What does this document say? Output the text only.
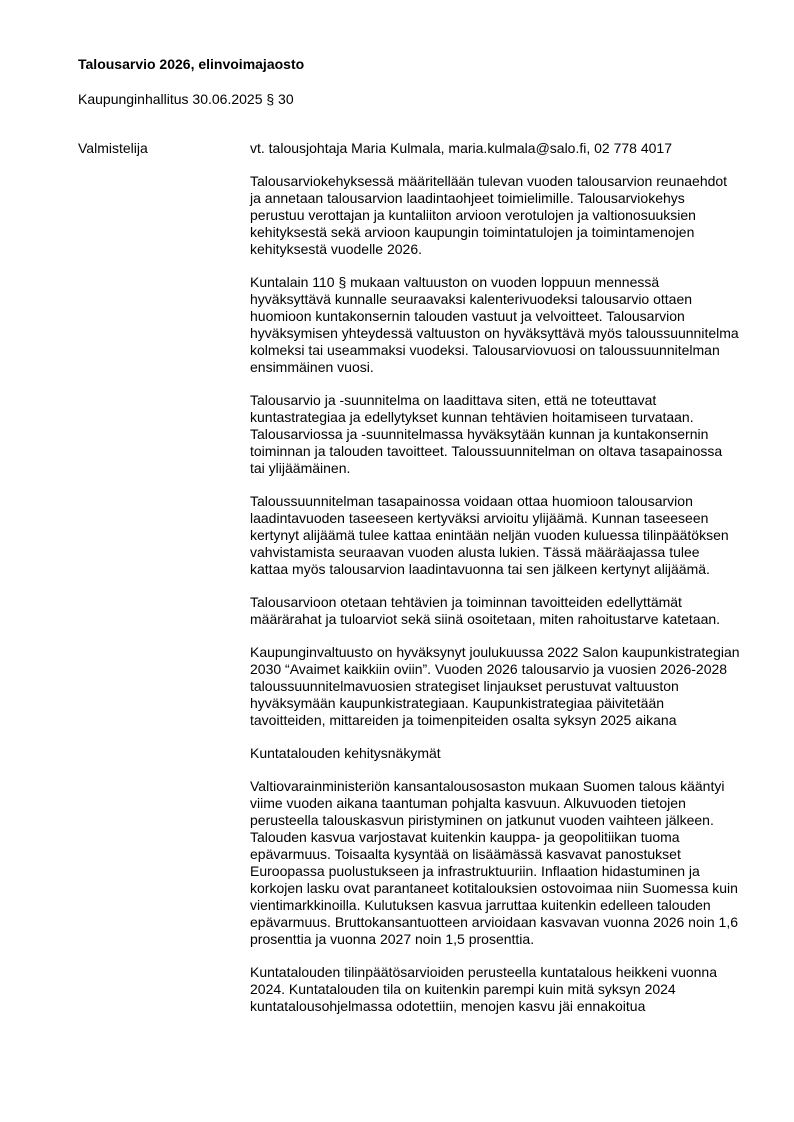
Talousarvio 2026, elinvoimajaosto

Kaupunginhallitus 30.06.2025 § 30

Valmistelija	vt. talousjohtaja Maria Kulmala, maria.kulmala@salo.fi, 02 778 4017

Talousarviokehyksessä määritellään tulevan vuoden talousarvion reunaehdot ja annetaan talousarvion laadintaohjeet toimielimille. Talousarviokehys perustuu verottajan ja kuntaliiton arvioon verotulojen ja valtionosuuksien kehityksestä sekä arvioon kaupungin toimintatulojen ja toimintamenojen kehityksestä vuodelle 2026.

Kuntalain 110 § mukaan valtuuston on vuoden loppuun mennessä hyväksyttävä kunnalle seuraavaksi kalenterivuodeksi talousarvio ottaen huomioon kuntakonsernin talouden vastuut ja velvoitteet. Talousarvion hyväksymisen yhteydessä valtuuston on hyväksyttävä myös taloussuunnitelma kolmeksi tai useammaksi vuodeksi. Talousarviovuosi on taloussuunnitelman ensimmäinen vuosi.

Talousarvio ja -suunnitelma on laadittava siten, että ne toteuttavat kuntastrategiaa ja edellytykset kunnan tehtävien hoitamiseen turvataan. Talousarviossa ja -suunnitelmassa hyväksytään kunnan ja kuntakonsernin toiminnan ja talouden tavoitteet. Taloussuunnitelman on oltava tasapainossa tai ylijäämäinen.

Taloussuunnitelman tasapainossa voidaan ottaa huomioon talousarvion laadintavuoden taseeseen kertyväksi arvioitu ylijäämä. Kunnan taseeseen kertynyt alijäämä tulee kattaa enintään neljän vuoden kuluessa tilinpäätöksen vahvistamista seuraavan vuoden alusta lukien. Tässä määräajassa tulee kattaa myös talousarvion laadintavuonna tai sen jälkeen kertynyt alijäämä.

Talousarvioon otetaan tehtävien ja toiminnan tavoitteiden edellyttämät määrärahat ja tuloarviot sekä siinä osoitetaan, miten rahoitustarve katetaan.

Kaupunginvaltuusto on hyväksynyt joulukuussa 2022 Salon kaupunkistrategian 2030 “Avaimet kaikkiin oviin”. Vuoden 2026 talousarvio ja vuosien 2026-2028 taloussuunnitelmavuosien strategiset linjaukset perustuvat valtuuston hyväksymään kaupunkistrategiaan. Kaupunkistrategiaa päivitetään tavoitteiden, mittareiden ja toimenpiteiden osalta syksyn 2025 aikana

Kuntatalouden kehitysnäkymät

Valtiovarainministeriön kansantalousosaston mukaan Suomen talous kääntyi viime vuoden aikana taantuman pohjalta kasvuun. Alkuvuoden tietojen perusteella talouskasvun piristyminen on jatkunut vuoden vaihteen jälkeen. Talouden kasvua varjostavat kuitenkin kauppa- ja geopolitiikan tuoma epävarmuus. Toisaalta kysyntää on lisäämässä kasvavat panostukset Euroopassa puolustukseen ja infrastruktuuriin. Inflaation hidastuminen ja korkojen lasku ovat parantaneet kotitalouksien ostovoimaa niin Suomessa kuin vientimarkkinoilla. Kulutuksen kasvua jarruttaa kuitenkin edelleen talouden epävarmuus. Bruttokansantuotteen arvioidaan kasvavan vuonna 2026 noin 1,6 prosenttia ja vuonna 2027 noin 1,5 prosenttia.

Kuntatalouden tilinpäätösarvioiden perusteella kuntatalous heikkeni vuonna 2024. Kuntatalouden tila on kuitenkin parempi kuin mitä syksyn 2024 kuntatalousohjelmassa odotettiin, menojen kasvu jäi ennakoitua
